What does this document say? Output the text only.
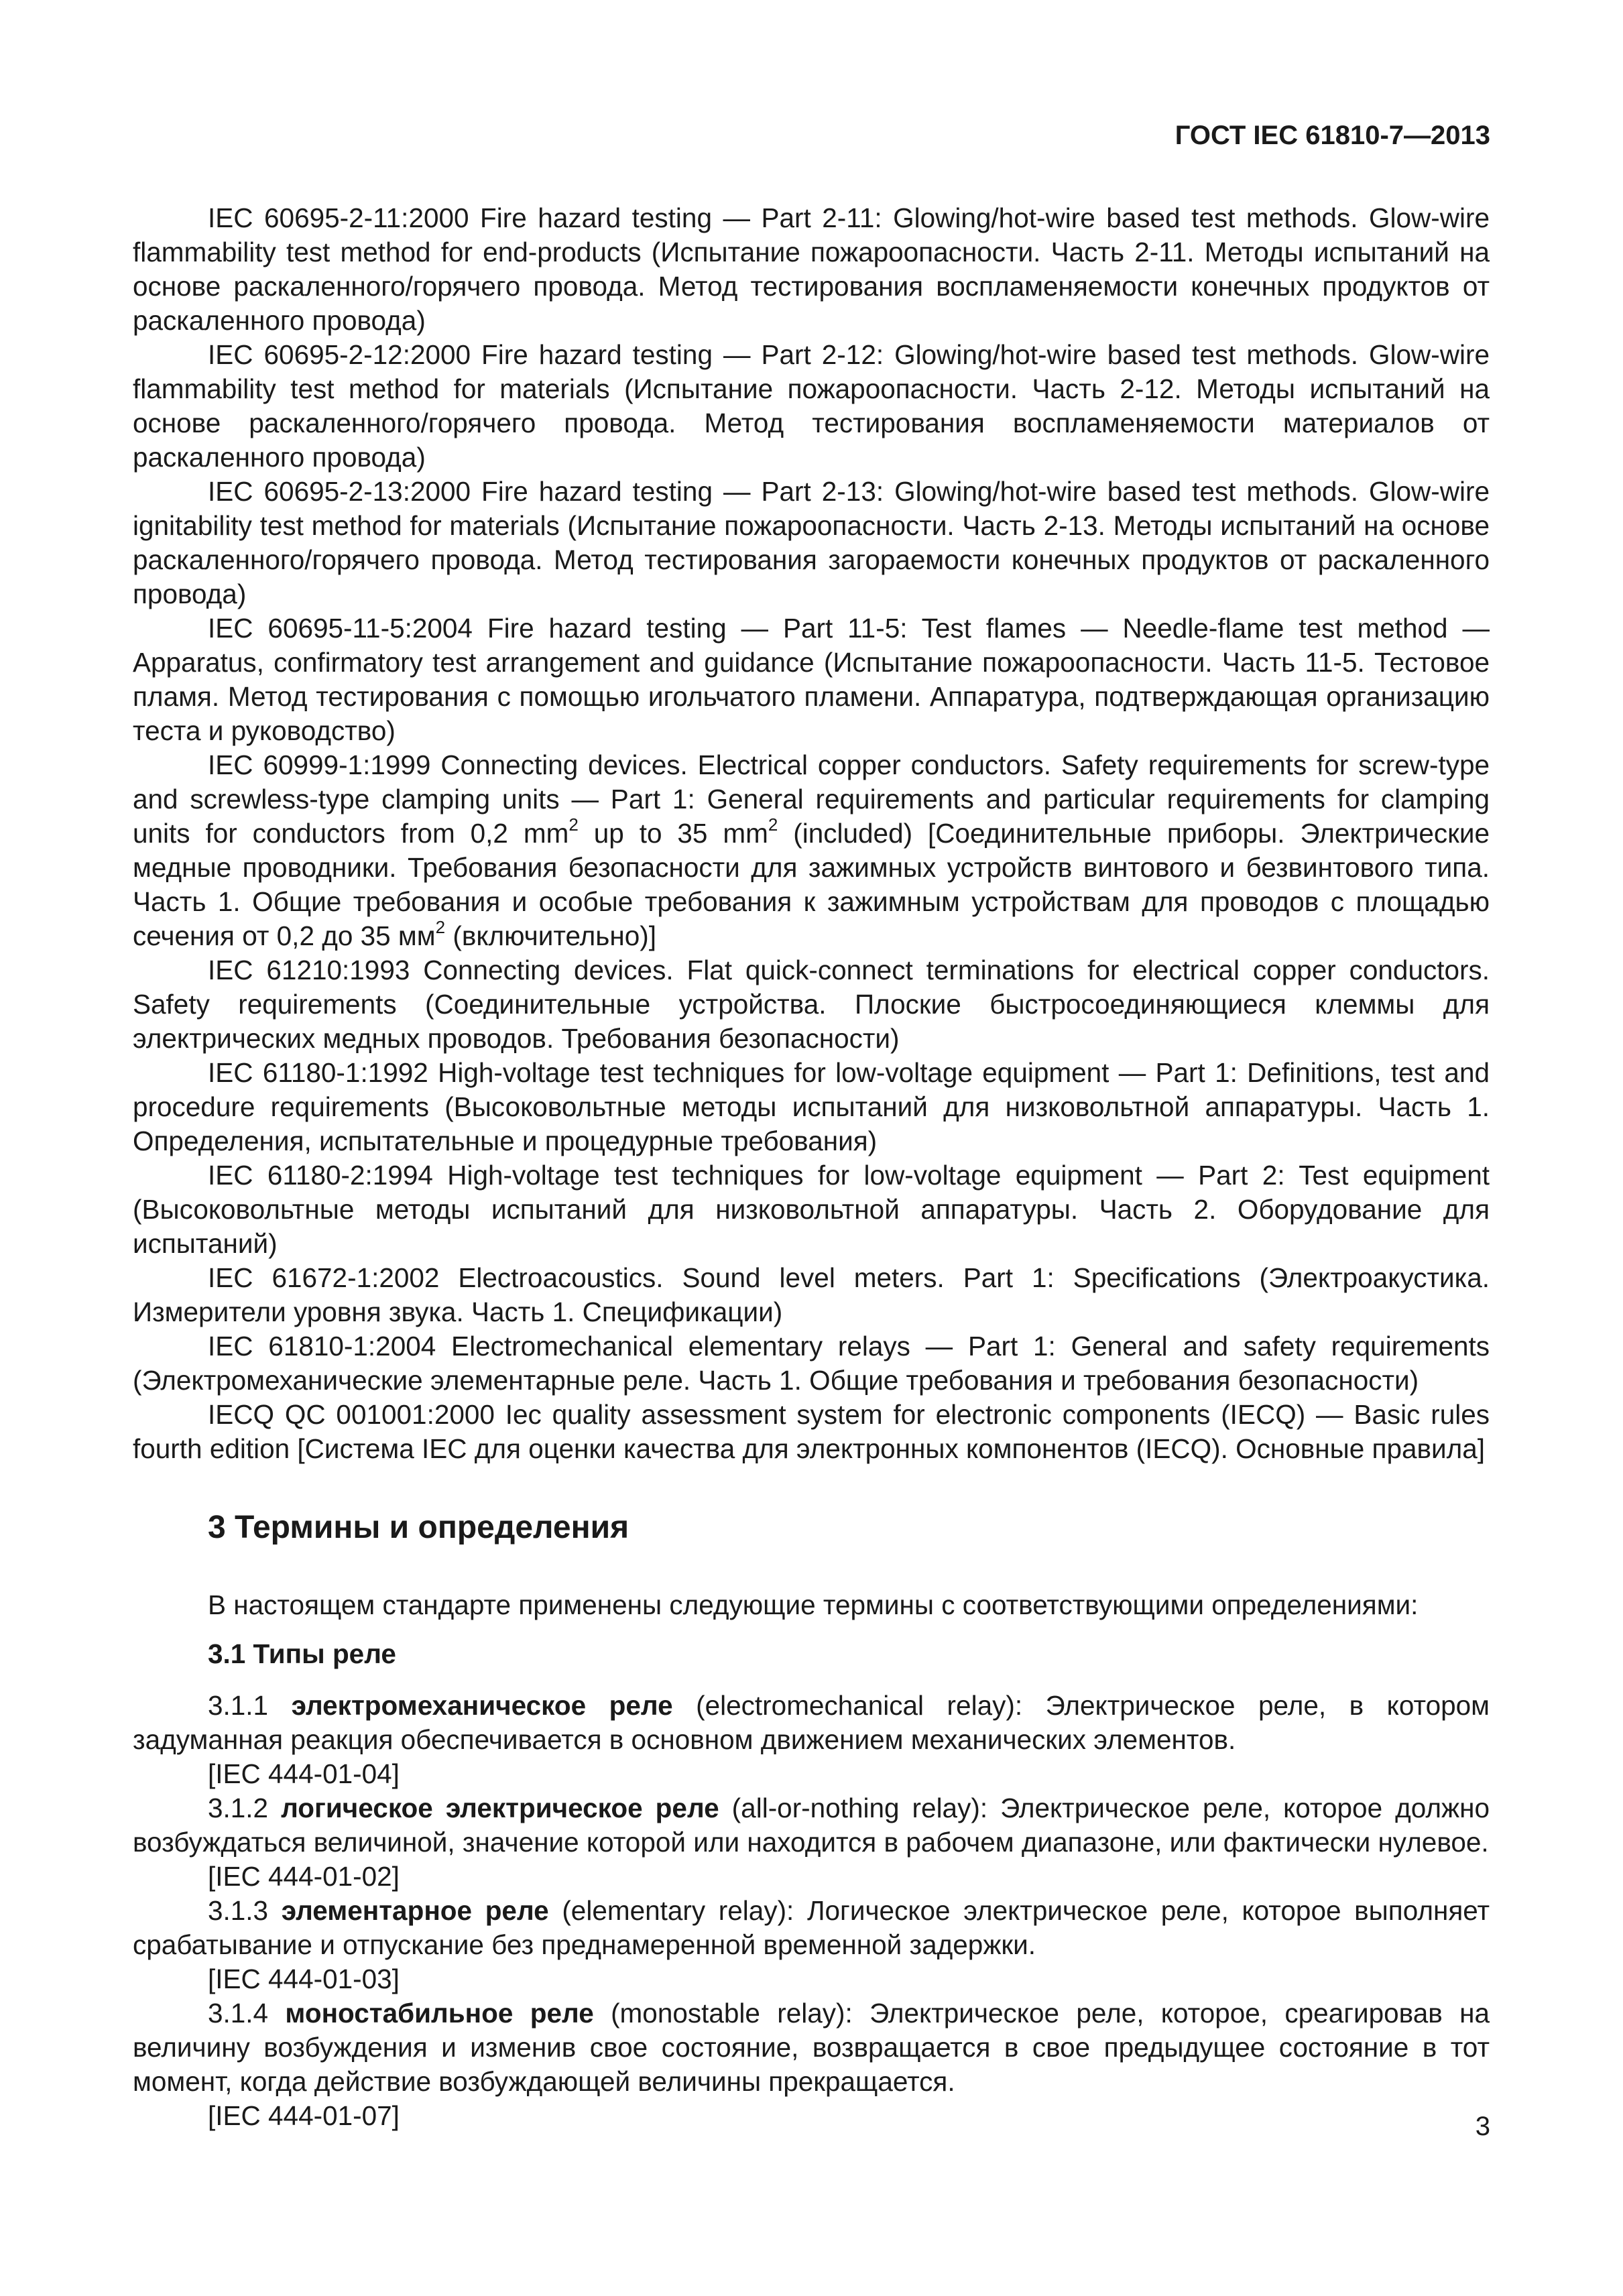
ГОСТ IEC 61810-7—2013

IEC 60695-2-11:2000 Fire hazard testing — Part 2-11: Glowing/hot-wire based test methods. Glow-wire flammability test method for end-products (Испытание пожароопасности. Часть 2-11. Методы испытаний на основе раскаленного/горячего провода. Метод тестирования воспламеняемости конечных продуктов от раскаленного провода)

IEC 60695-2-12:2000 Fire hazard testing — Part 2-12: Glowing/hot-wire based test methods. Glow-wire flammability test method for materials (Испытание пожароопасности. Часть 2-12. Методы испытаний на основе раскаленного/горячего провода. Метод тестирования воспламеняемости материалов от раскаленного провода)

IEC 60695-2-13:2000 Fire hazard testing — Part 2-13: Glowing/hot-wire based test methods. Glow-wire ignitability test method for materials (Испытание пожароопасности. Часть 2-13. Методы испытаний на основе раскаленного/горячего провода. Метод тестирования загораемости конечных продуктов от раскаленного провода)

IEC 60695-11-5:2004 Fire hazard testing — Part 11-5: Test flames — Needle-flame test method — Apparatus, confirmatory test arrangement and guidance (Испытание пожароопасности. Часть 11-5. Тестовое пламя. Метод тестирования с помощью игольчатого пламени. Аппаратура, подтверждающая организацию теста и руководство)

IEC 60999-1:1999 Connecting devices. Electrical copper conductors. Safety requirements for screw-type and screwless-type clamping units — Part 1: General requirements and particular requirements for clamping units for conductors from 0,2 $mm^2$ up to 35 $mm^2$ (included) [Соединительные приборы. Электрические медные проводники. Требования безопасности для зажимных устройств винтового и безвинтового типа. Часть 1. Общие требования и особые требования к зажимным устройствам для проводов с площадью сечения от 0,2 до 35 $мм^2$ (включительно)]

IEC 61210:1993 Connecting devices. Flat quick-connect terminations for electrical copper conductors. Safety requirements (Соединительные устройства. Плоские быстросоединяющиеся клеммы для электрических медных проводов. Требования безопасности)

IEC 61180-1:1992 High-voltage test techniques for low-voltage equipment — Part 1: Definitions, test and procedure requirements (Высоковольтные методы испытаний для низковольтной аппаратуры. Часть 1. Определения, испытательные и процедурные требования)

IEC 61180-2:1994 High-voltage test techniques for low-voltage equipment — Part 2: Test equipment (Высоковольтные методы испытаний для низковольтной аппаратуры. Часть 2. Оборудование для испытаний)

IEC 61672-1:2002 Electroacoustics. Sound level meters. Part 1: Specifications (Электроакустика. Измерители уровня звука. Часть 1. Спецификации)

IEC 61810-1:2004 Electromechanical elementary relays — Part 1: General and safety requirements (Электромеханические элементарные реле. Часть 1. Общие требования и требования безопасности)

IECQ QC 001001:2000 Iec quality assessment system for electronic components (IECQ) — Basic rules fourth edition [Система IEC для оценки качества для электронных компонентов (IECQ). Основные правила]

3 Термины и определения

В настоящем стандарте применены следующие термины с соответствующими определениями:

3.1 Типы реле

3.1.1 электромеханическое реле (electromechanical relay): Электрическое реле, в котором задуманная реакция обеспечивается в основном движением механических элементов.

[IEC 444-01-04]

3.1.2 логическое электрическое реле (all-or-nothing relay): Электрическое реле, которое должно возбуждаться величиной, значение которой или находится в рабочем диапазоне, или фактически нулевое.

[IEC 444-01-02]

3.1.3 элементарное реле (elementary relay): Логическое электрическое реле, которое выполняет срабатывание и отпускание без преднамеренной временной задержки.

[IEC 444-01-03]

3.1.4 моностабильное реле (monostable relay): Электрическое реле, которое, среагировав на величину возбуждения и изменив свое состояние, возвращается в свое предыдущее состояние в тот момент, когда действие возбуждающей величины прекращается.

[IEC 444-01-07]	3
